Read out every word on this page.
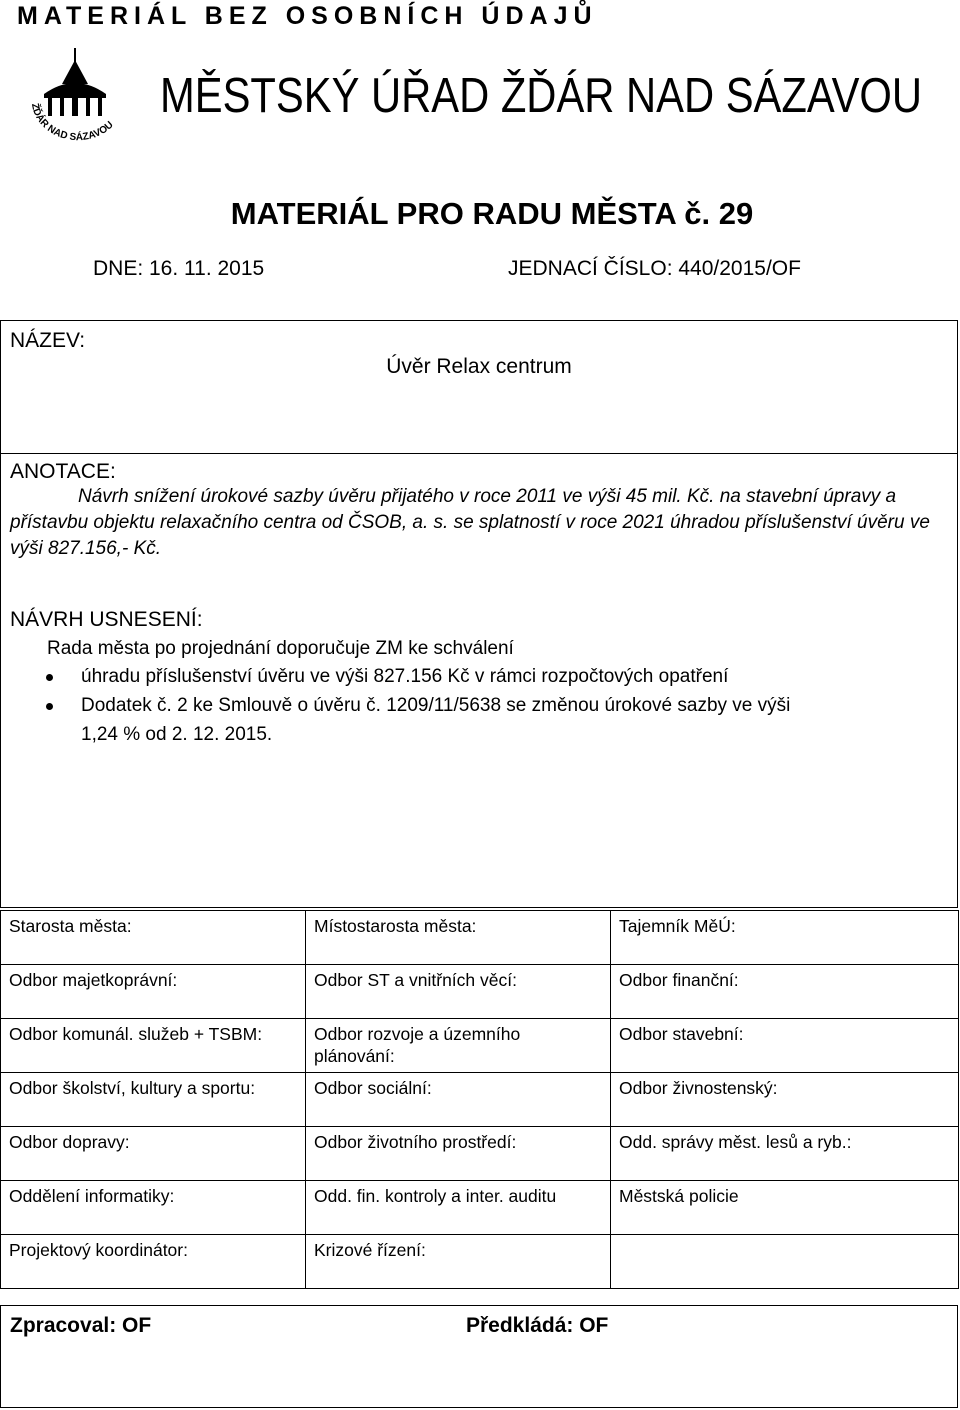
MATERIÁL BEZ OSOBNÍCH ÚDAJŮ
ŽĎÁR NAD SÁZAVOU
MĚSTSKÝ ÚŘAD ŽĎÁR NAD SÁZAVOU
MATERIÁL PRO RADU MĚSTA č. 29
DNE: 16. 11. 2015	JEDNACÍ ČÍSLO: 440/2015/OF
NÁZEV:
Úvěr Relax centrum
ANOTACE:

Návrh snížení úrokové sazby úvěru přijatého v roce 2011 ve výši 45 mil. Kč. na stavební úpravy a přístavbu objektu relaxačního centra od ČSOB, a. s. se splatností v roce 2021 úhradou příslušenství úvěru ve výši 827.156,- Kč.

NÁVRH USNESENÍ:
Rada města po projednání doporučuje ZM ke schválení
úhradu příslušenství úvěru ve výši 827.156 Kč v rámci rozpočtových opatření
Dodatek č. 2 ke Smlouvě o úvěru č. 1209/11/5638 se změnou úrokové sazby ve výši
1,24 % od 2. 12. 2015.
Starosta města:	Místostarosta města:	Tajemník MěÚ:
Odbor majetkoprávní:	Odbor ST a vnitřních věcí:	Odbor finanční:
Odbor komunál. služeb + TSBM:	Odbor rozvoje a územního plánování:	Odbor stavební:
Odbor školství, kultury a sportu:	Odbor sociální:	Odbor živnostenský:
Odbor dopravy:	Odbor životního prostředí:	Odd. správy měst. lesů a ryb.:
Oddělení informatiky:	Odd. fin. kontroly a inter. auditu	Městská policie
Projektový koordinátor:	Krizové řízení:	
Zpracoval: OF	Předkládá: OF
